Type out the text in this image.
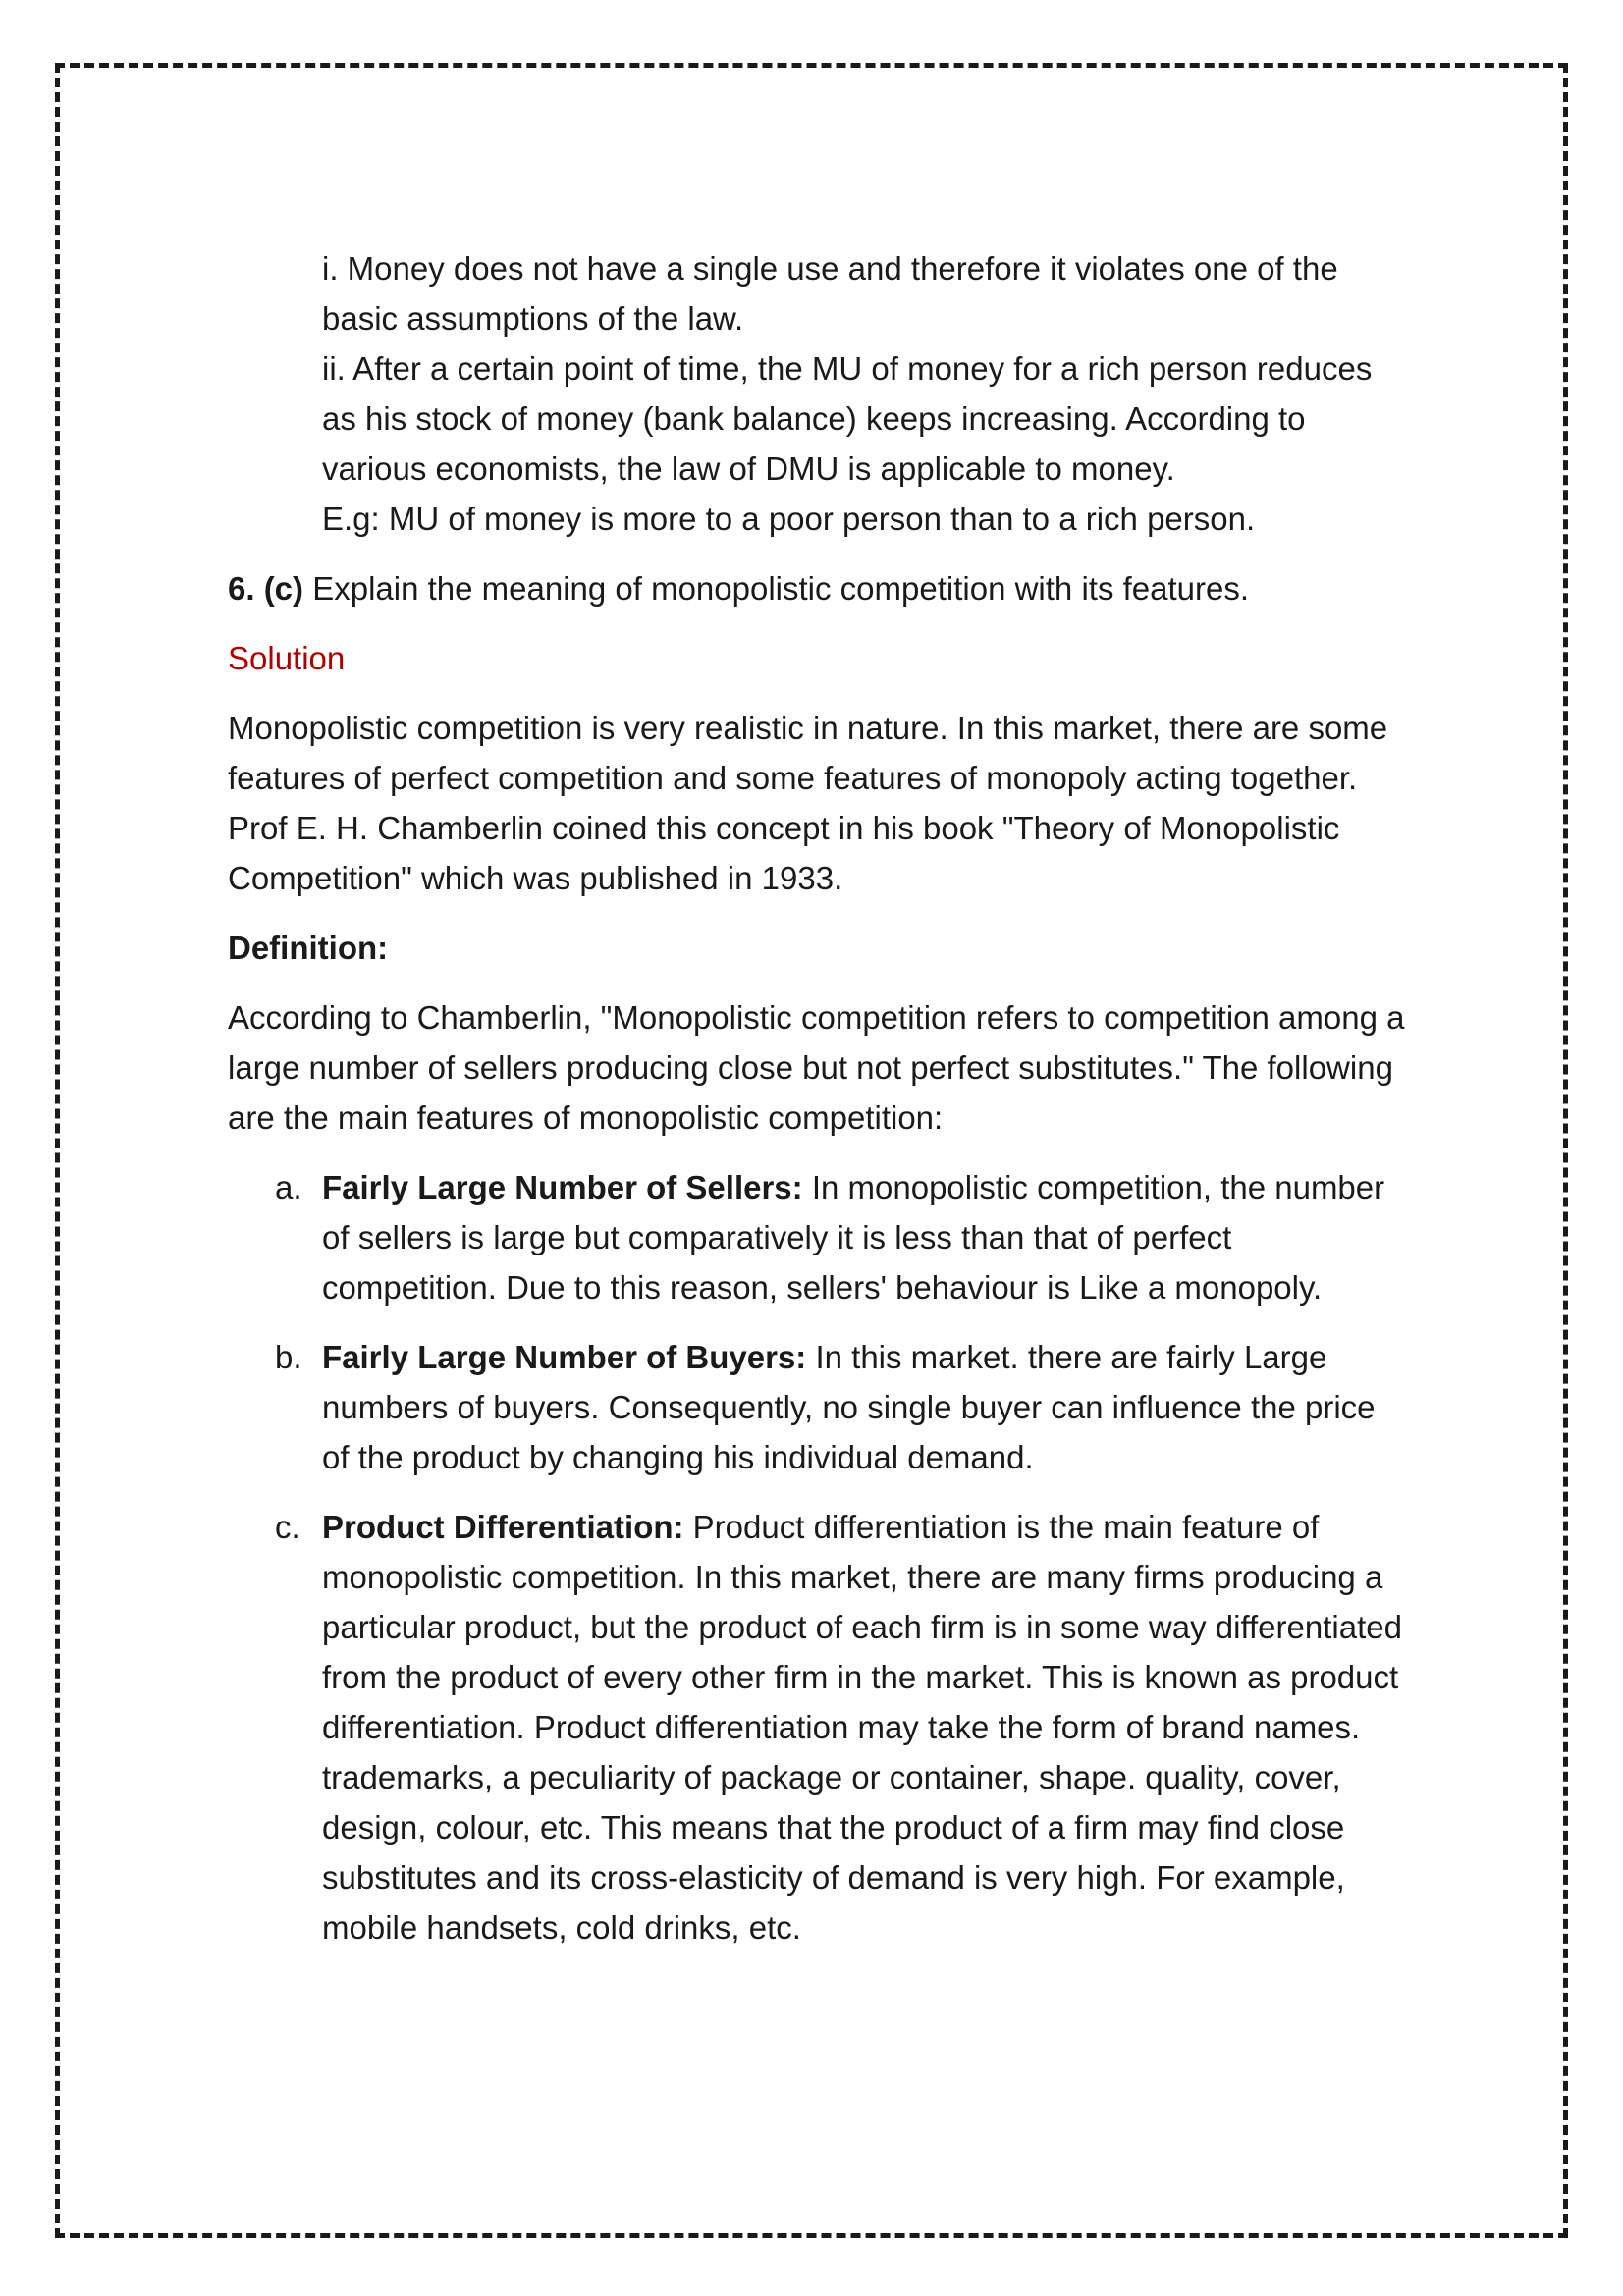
i. Money does not have a single use and therefore it violates one of the basic assumptions of the law.

ii. After a certain point of time, the MU of money for a rich person reduces as his stock of money (bank balance) keeps increasing. According to various economists, the law of DMU is applicable to money.

E.g: MU of money is more to a poor person than to a rich person.

6. (c) Explain the meaning of monopolistic competition with its features.

Solution

Monopolistic competition is very realistic in nature. In this market, there are some features of perfect competition and some features of monopoly acting together. Prof E. H. Chamberlin coined this concept in his book "Theory of Monopolistic Competition" which was published in 1933.

Definition:

According to Chamberlin, "Monopolistic competition refers to competition among a large number of sellers producing close but not perfect substitutes." The following are the main features of monopolistic competition:

a. Fairly Large Number of Sellers: In monopolistic competition, the number of sellers is large but comparatively it is less than that of perfect competition. Due to this reason, sellers' behaviour is Like a monopoly.
b. Fairly Large Number of Buyers: In this market. there are fairly Large numbers of buyers. Consequently, no single buyer can influence the price of the product by changing his individual demand.
c. Product Differentiation: Product differentiation is the main feature of monopolistic competition. In this market, there are many firms producing a particular product, but the product of each firm is in some way differentiated from the product of every other firm in the market. This is known as product differentiation. Product differentiation may take the form of brand names. trademarks, a peculiarity of package or container, shape. quality, cover, design, colour, etc. This means that the product of a firm may find close substitutes and its cross-elasticity of demand is very high. For example, mobile handsets, cold drinks, etc.
